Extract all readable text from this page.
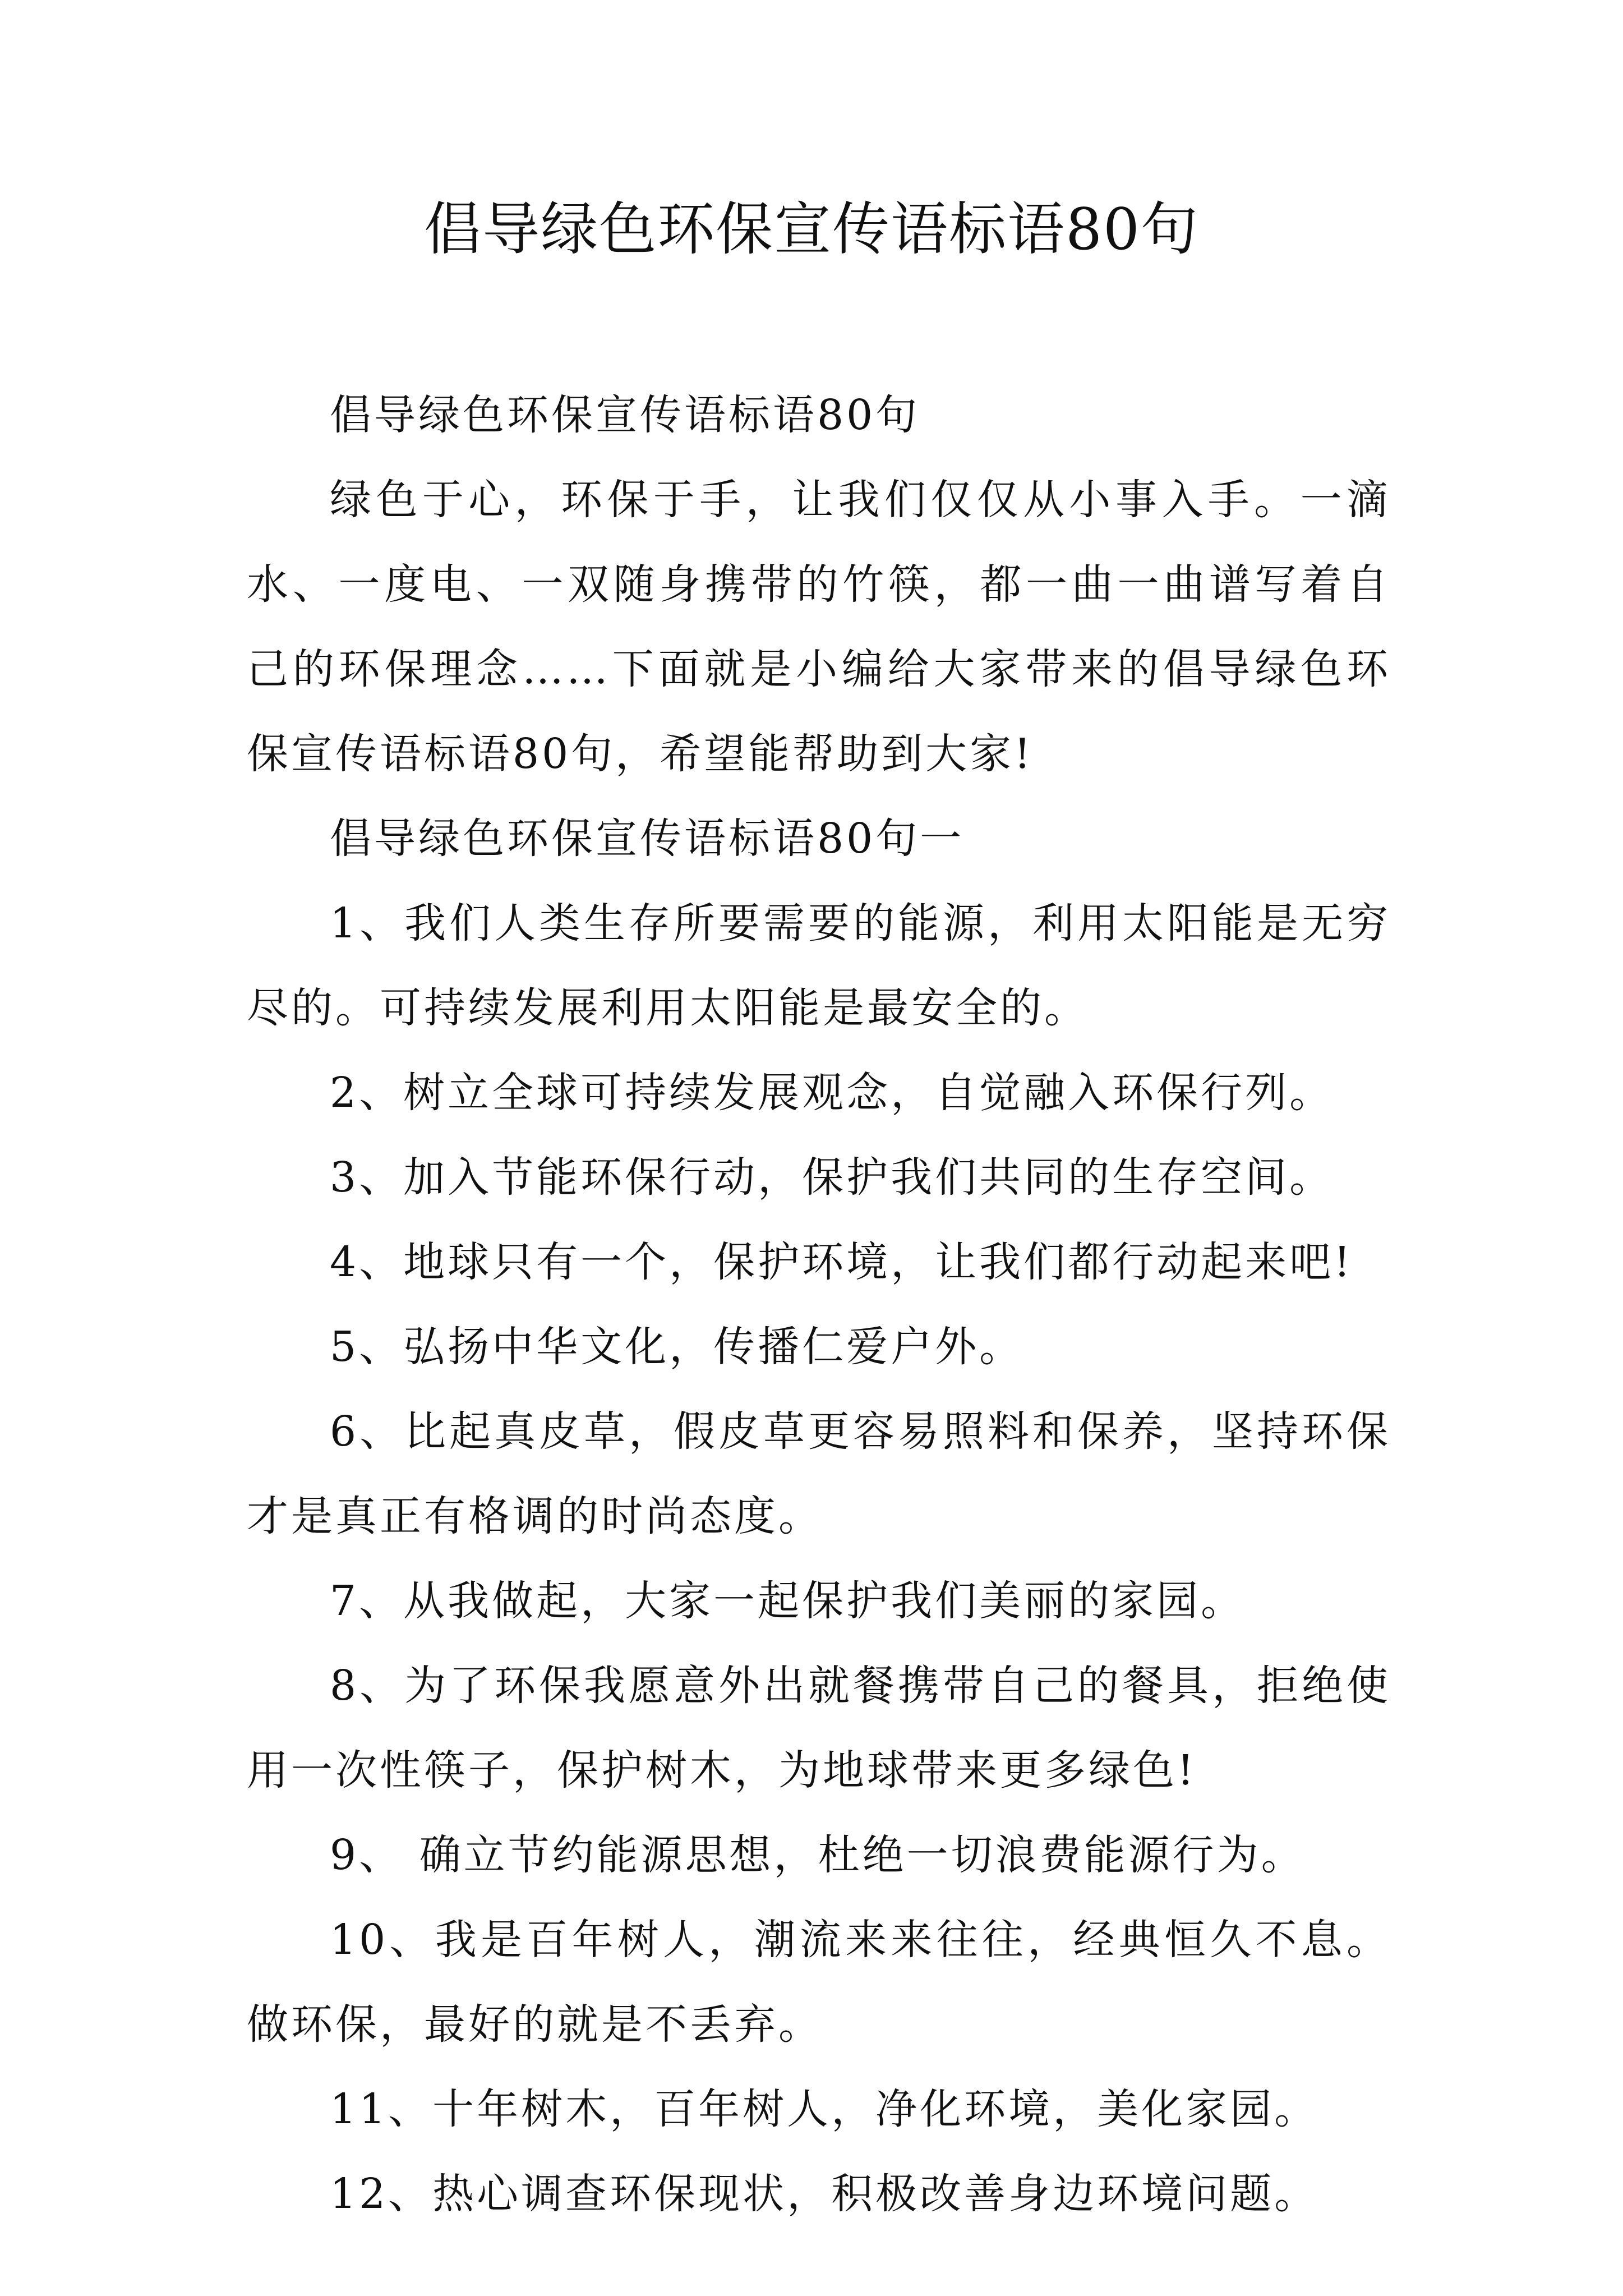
倡导绿色环保宣传语标语80句

倡导绿色环保宣传语标语80句

绿色于心，环保于手，让我们仅仅从小事入手。一滴水、一度电、一双随身携带的竹筷，都一曲一曲谱写着自己的环保理念……下面就是小编给大家带来的倡导绿色环保宣传语标语80句，希望能帮助到大家!

倡导绿色环保宣传语标语80句一

1、我们人类生存所要需要的能源，利用太阳能是无穷尽的。可持续发展利用太阳能是最安全的。

2、树立全球可持续发展观念，自觉融入环保行列。

3、加入节能环保行动，保护我们共同的生存空间。

4、地球只有一个，保护环境，让我们都行动起来吧!

5、弘扬中华文化，传播仁爱户外。

6、比起真皮草，假皮草更容易照料和保养，坚持环保才是真正有格调的时尚态度。

7、从我做起，大家一起保护我们美丽的家园。

8、为了环保我愿意外出就餐携带自己的餐具，拒绝使用一次性筷子，保护树木，为地球带来更多绿色!

9、 确立节约能源思想，杜绝一切浪费能源行为。

10、我是百年树人，潮流来来往往，经典恒久不息。做环保，最好的就是不丢弃。

11、十年树木，百年树人，净化环境，美化家园。

12、热心调查环保现状，积极改善身边环境问题。
